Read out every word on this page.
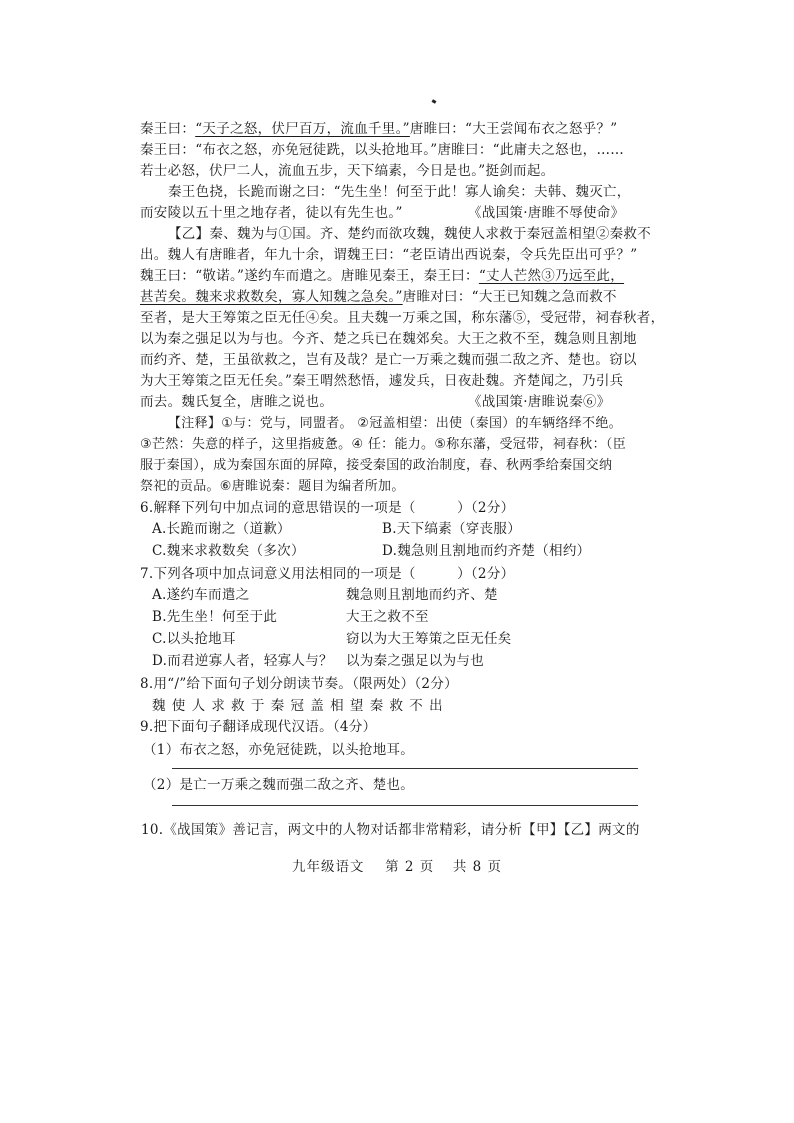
秦王曰：“天子之怒，伏尸百万，流血千里。”唐睢曰：“大王尝闻布衣之怒乎？”
秦王曰：“布衣之怒，亦免冠徒跣，以头抢地耳。”唐睢曰：“此庸夫之怒也，……
若士必怒，伏尸二人，流血五步，天下缟素，今日是也。”挺剑而起。
秦王色挠，长跪而谢之曰：“先生坐！何至于此！寡人谕矣：夫韩、魏灭亡，
而安陵以五十里之地存者，徒以有先生也。”	《战国策·唐睢不辱使命》
【乙】秦、魏为与①国。齐、楚约而欲攻魏，魏使人求救于秦冠盖相望②秦救不
出。魏人有唐睢者，年九十余，谓魏王曰：“老臣请出西说秦，令兵先臣出可乎？”
魏王曰：“敬诺。”遂约车而遣之。唐睢见秦王，秦王曰：“丈人芒然③乃远至此，
甚苦矣。魏来求救数矣，寡人知魏之急矣。”唐睢对曰：“大王已知魏之急而救不
至者，是大王筹策之臣无任④矣。且夫魏一万乘之国，称东藩⑤，受冠带，祠春秋者，
以为秦之强足以为与也。今齐、楚之兵已在魏郊矣。大王之救不至，魏急则且割地
而约齐、楚，王虽欲救之，岂有及哉？是亡一万乘之魏而强二敌之齐、楚也。窃以
为大王筹策之臣无任矣。”秦王喟然愁悟，遽发兵，日夜赴魏。齐楚闻之，乃引兵
而去。魏氏复全，唐睢之说也。	《战国策·唐睢说秦⑥》
【注释】①与：党与，同盟者。 ②冠盖相望：出使（秦国）的车辆络绎不绝。
③芒然：失意的样子，这里指疲惫。④ 任：能力。⑤称东藩，受冠带，祠春秋：（臣
服于秦国），成为秦国东面的屏障，接受秦国的政治制度，春、秋两季给秦国交纳
祭祀的贡品。⑥唐睢说秦：题目为编者所加。
6.解释下列句中加点词的意思错误的一项是（　　　）（2分）
A.长跪而谢之（道歉）	B.天下缟素（穿丧服）
C.魏来求救数矣（多次）	D.魏急则且割地而约齐楚（相约）
7.下列各项中加点词意义用法相同的一项是（　　　）（2分）
A.遂约车而遣之	魏急则且割地而约齐、楚
B.先生坐！何至于此	大王之救不至
C.以头抢地耳	窃以为大王筹策之臣无任矣
D.而君逆寡人者，轻寡人与？ 以为秦之强足以为与也
8.用“/”给下面句子划分朗读节奏。（限两处）（2分）
魏 使 人 求 救 于 秦 冠 盖 相 望 秦 救 不 出
9.把下面句子翻译成现代汉语。（4分）
（1）布衣之怒，亦免冠徒跣，以头抢地耳。
（2）是亡一万乘之魏而强二敌之齐、楚也。
10.《战国策》善记言，两文中的人物对话都非常精彩，请分析【甲】【乙】两文的
九年级语文 第 2 页 共 8 页
